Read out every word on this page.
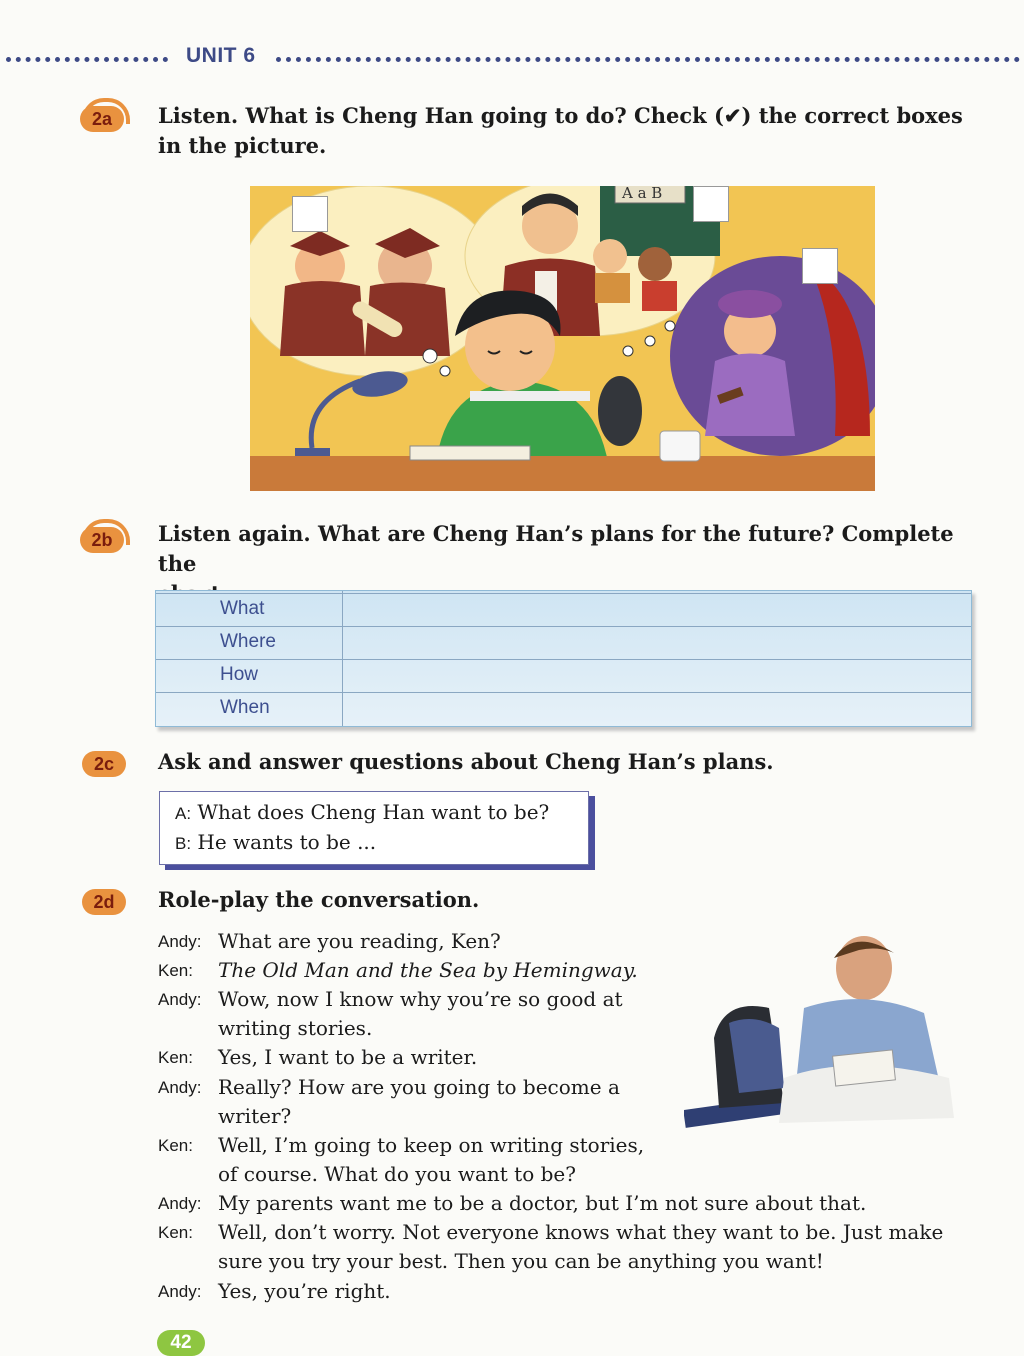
UNIT 6
2a	Listen. What is Cheng Han going to do? Check (✔) the correct boxes
in the picture.
A a B
2b	Listen again. What are Cheng Han’s plans for the future? Complete the
What
Where
How
When
2c	Ask and answer questions about Cheng Han’s plans.
A: What does Cheng Han want to be?
B: He wants to be ...
2d	Role-play the conversation.
Andy: What are you reading, Ken?
Ken: The Old Man and the Sea by Hemingway.
Andy: Wow, now I know why you’re so good at
writing stories.
Ken: Yes, I want to be a writer.
Andy: Really? How are you going to become a
writer?
Ken: Well, I’m going to keep on writing stories,
of course. What do you want to be?
Andy: My parents want me to be a doctor, but I’m not sure about that.
Ken: Well, don’t worry. Not everyone knows what they want to be. Just make
sure you try your best. Then you can be anything you want!
Andy: Yes, you’re right.
42
